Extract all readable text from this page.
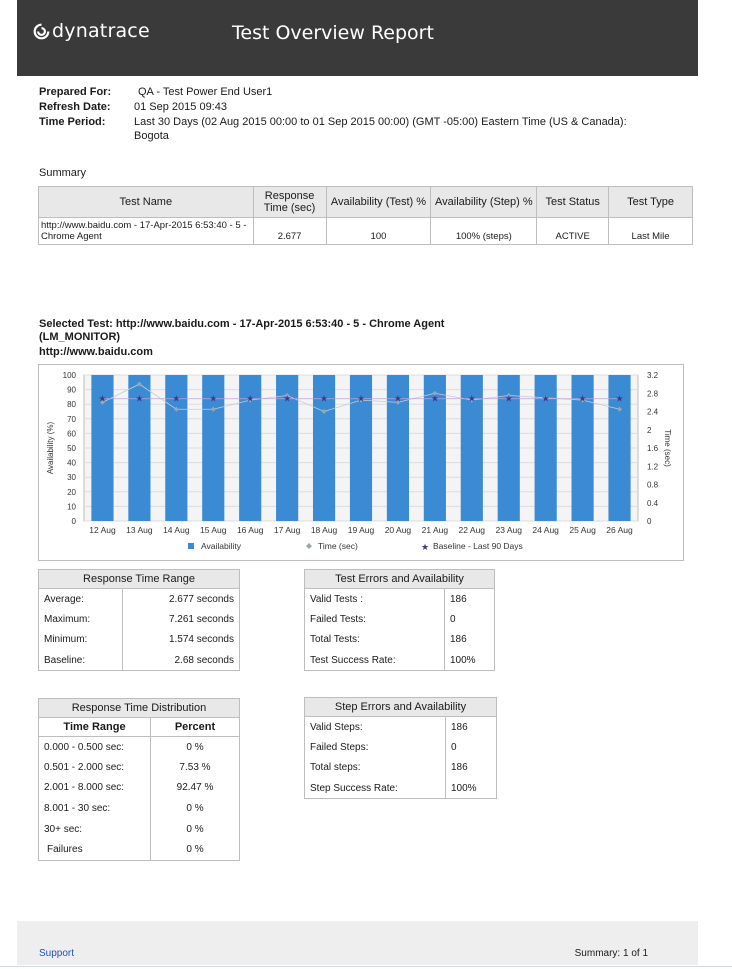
dynatrace	Test Overview Report
Prepared For:	QA - Test Power End User1
Refresh Date:	01 Sep 2015 09:43
Time Period:	Last 30 Days (02 Aug 2015 00:00 to 01 Sep 2015 00:00) (GMT -05:00) Eastern Time (US & Canada): Bogota
Summary
Test Name	Response Time (sec)	Availability (Test) %	Availability (Step) %	Test Status	Test Type
http://www.baidu.com - 17-Apr-2015 6:53:40 - 5 - Chrome Agent	2.677	100	100% (steps)	ACTIVE	Last Mile
Selected Test: http://www.baidu.com - 17-Apr-2015 6:53:40 - 5 - Chrome Agent
(LM_MONITOR)
http://www.baidu.com
0
10
20
30
40
50
60
70
80
90
100
0
0.4
0.8
1.2
1.6
2
2.4
2.8
3.2
Availability (%)	Time (sec)
12 Aug 13 Aug 14 Aug 15 Aug 16 Aug 17 Aug 18 Aug 19 Aug 20 Aug 21 Aug 22 Aug 23 Aug 24 Aug 25 Aug 26 Aug
★	★	★	★	★	★	★	★	★	★	★	★	★	★	★
Availability	Time (sec)	★ Baseline - Last 90 Days
Response Time Range	
Average:	2.677 seconds
Maximum:	7.261 seconds
Minimum:	1.574 seconds
Baseline:	2.68 seconds
Test Errors and Availability	
Valid Tests :	186
Failed Tests:	0
Total Tests:	186
Test Success Rate:	100%
Response Time Distribution	
Time Range	Percent
0.000 - 0.500 sec:	0 %
0.501 - 2.000 sec:	7.53 %
2.001 - 8.000 sec:	92.47 %
8.001 - 30 sec:	0 %
30+ sec:	0 %
Failures	0 %
Step Errors and Availability	
Valid Steps:	186
Failed Steps:	0
Total steps:	186
Step Success Rate:	100%
Support	Summary: 1 of 1
